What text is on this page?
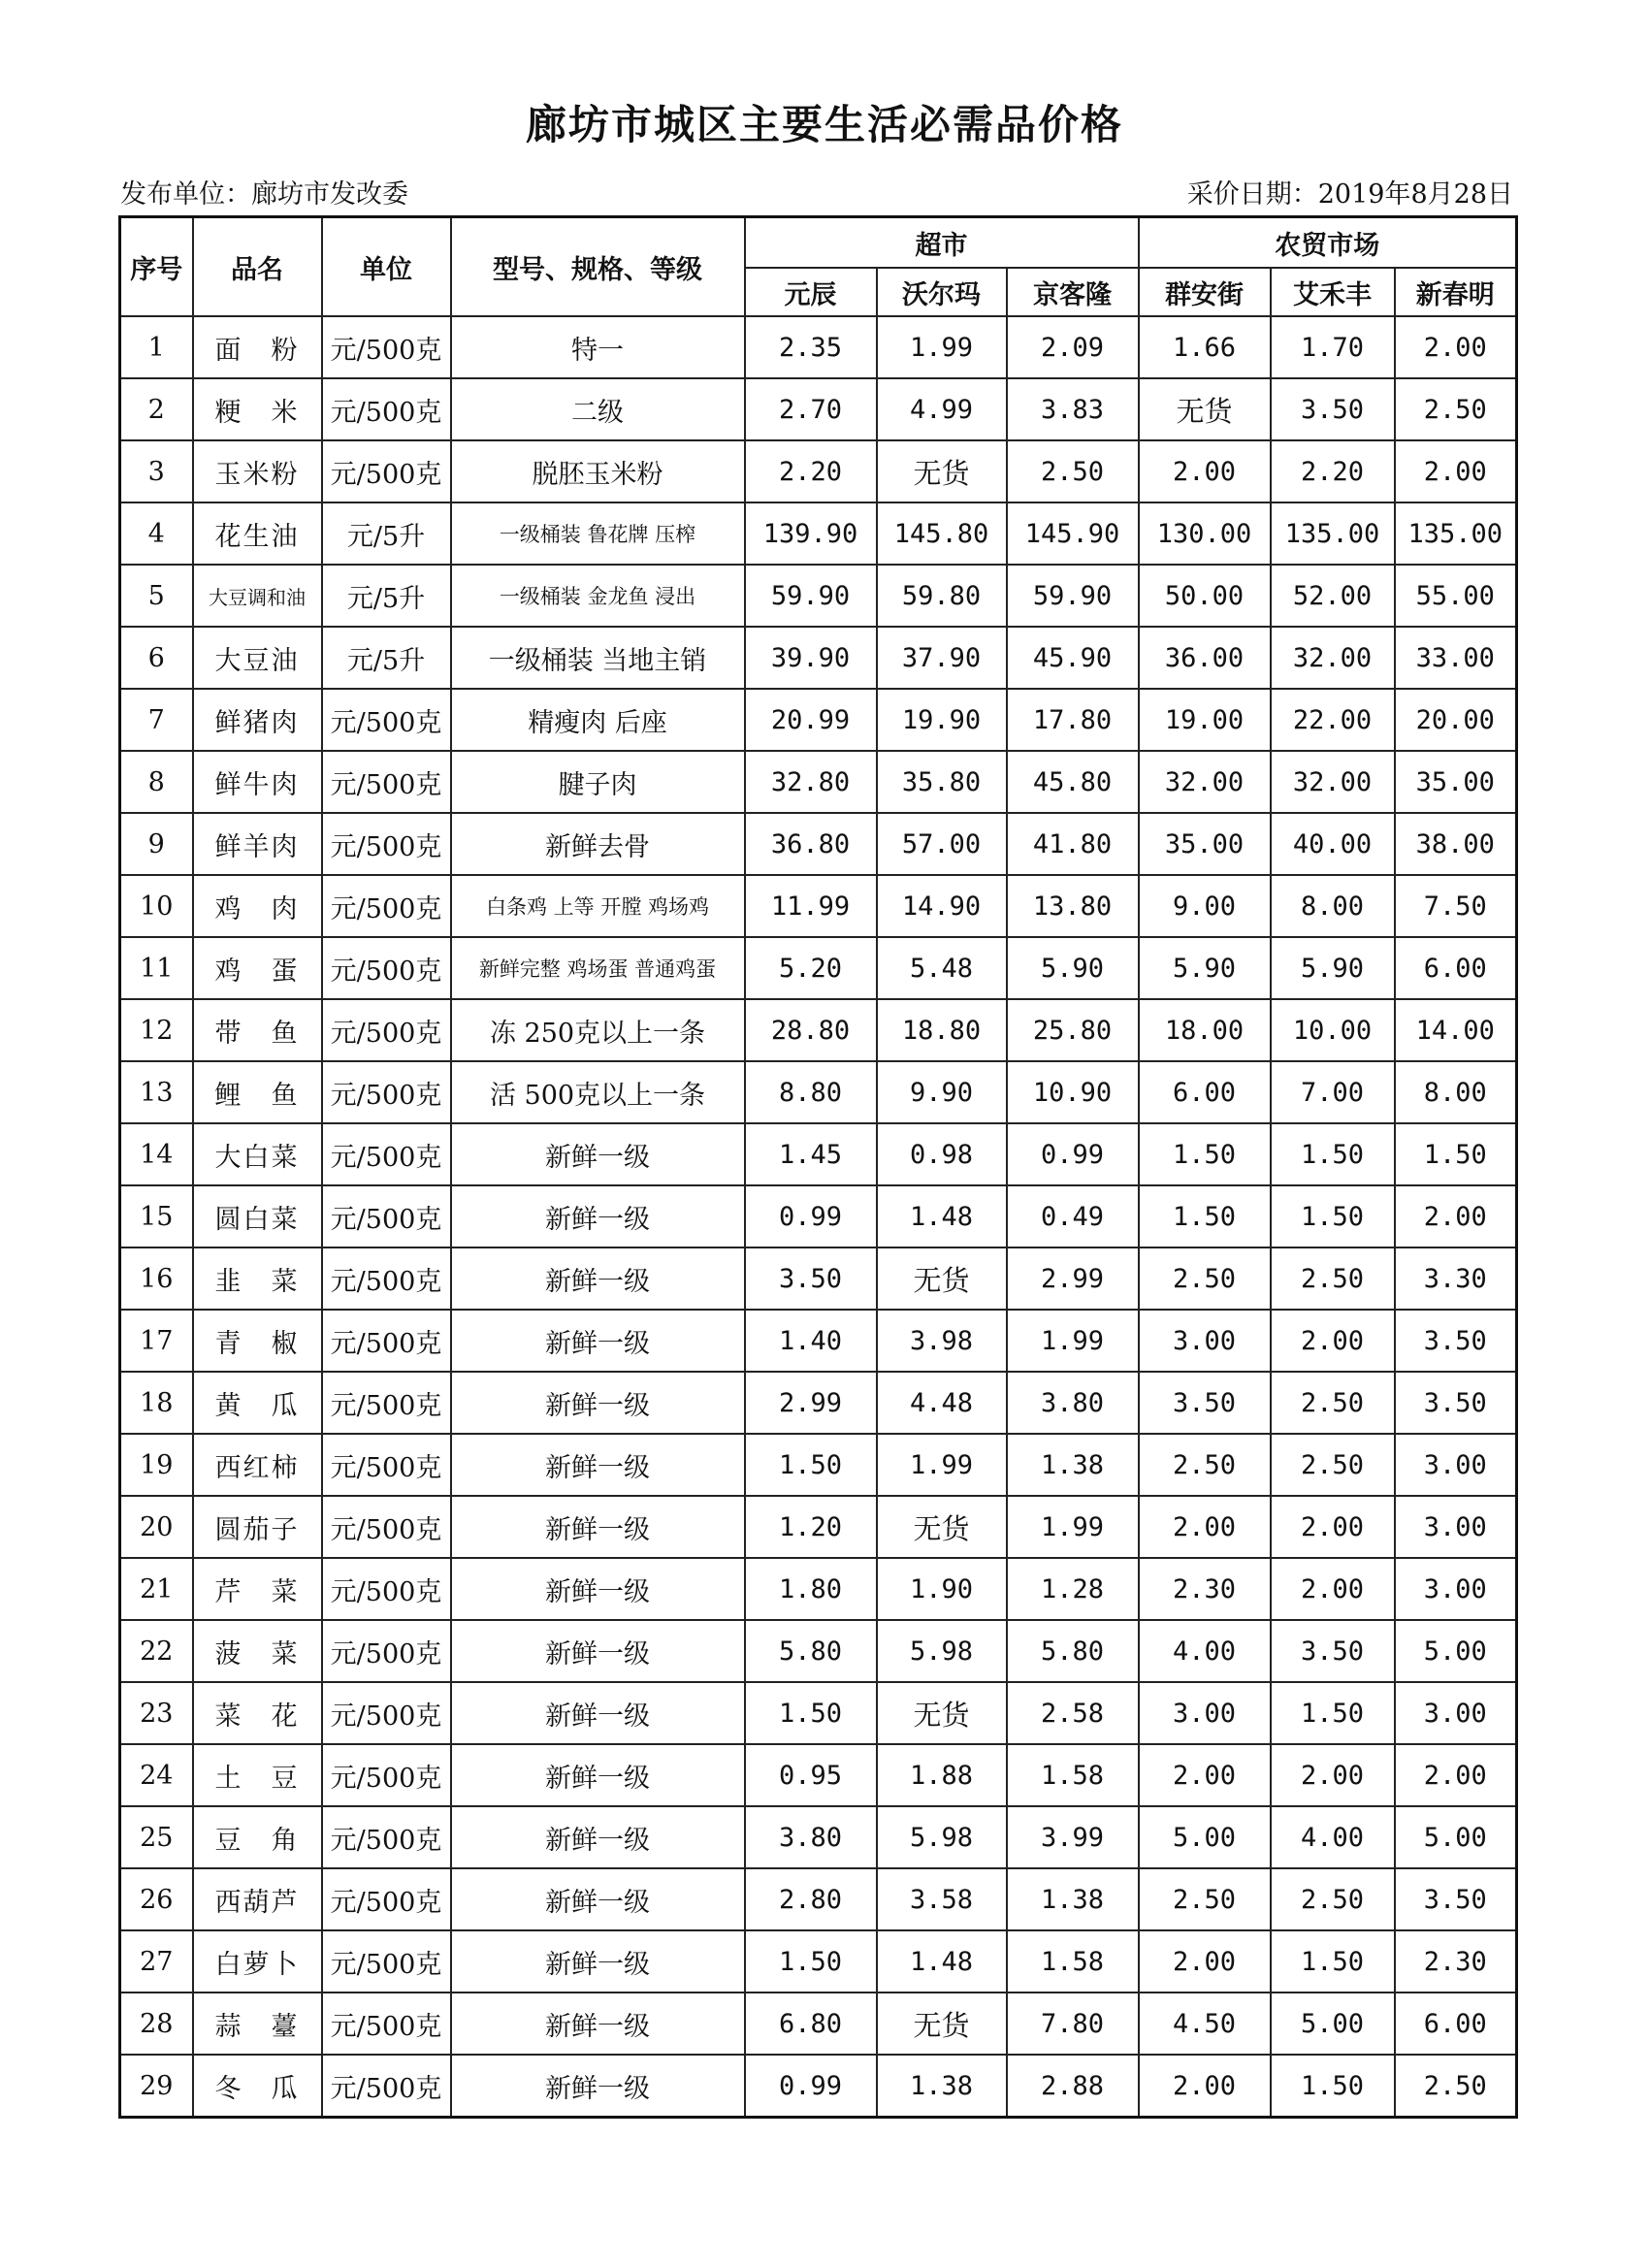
廊坊市城区主要生活必需品价格
发布单位：廊坊市发改委	采价日期：2019年8月28日
序号	品名	单位	型号、规格、等级	超市			农贸市场		
				元辰	沃尔玛	京客隆	群安街	艾禾丰	新春明
1	面　粉	元/500克	特一	2.35	1.99	2.09	1.66	1.70	2.00
2	粳　米	元/500克	二级	2.70	4.99	3.83	无货	3.50	2.50
3	玉米粉	元/500克	脱胚玉米粉	2.20	无货	2.50	2.00	2.20	2.00
4	花生油	元/5升	一级桶装 鲁花牌 压榨	139.90	145.80	145.90	130.00	135.00	135.00
5	大豆调和油	元/5升	一级桶装 金龙鱼 浸出	59.90	59.80	59.90	50.00	52.00	55.00
6	大豆油	元/5升	一级桶装 当地主销	39.90	37.90	45.90	36.00	32.00	33.00
7	鲜猪肉	元/500克	精瘦肉 后座	20.99	19.90	17.80	19.00	22.00	20.00
8	鲜牛肉	元/500克	腱子肉	32.80	35.80	45.80	32.00	32.00	35.00
9	鲜羊肉	元/500克	新鲜去骨	36.80	57.00	41.80	35.00	40.00	38.00
10	鸡　肉	元/500克	白条鸡 上等 开膛 鸡场鸡	11.99	14.90	13.80	9.00	8.00	7.50
11	鸡　蛋	元/500克	新鲜完整 鸡场蛋 普通鸡蛋	5.20	5.48	5.90	5.90	5.90	6.00
12	带　鱼	元/500克	冻 250克以上一条	28.80	18.80	25.80	18.00	10.00	14.00
13	鲤　鱼	元/500克	活 500克以上一条	8.80	9.90	10.90	6.00	7.00	8.00
14	大白菜	元/500克	新鲜一级	1.45	0.98	0.99	1.50	1.50	1.50
15	圆白菜	元/500克	新鲜一级	0.99	1.48	0.49	1.50	1.50	2.00
16	韭　菜	元/500克	新鲜一级	3.50	无货	2.99	2.50	2.50	3.30
17	青　椒	元/500克	新鲜一级	1.40	3.98	1.99	3.00	2.00	3.50
18	黄　瓜	元/500克	新鲜一级	2.99	4.48	3.80	3.50	2.50	3.50
19	西红柿	元/500克	新鲜一级	1.50	1.99	1.38	2.50	2.50	3.00
20	圆茄子	元/500克	新鲜一级	1.20	无货	1.99	2.00	2.00	3.00
21	芹　菜	元/500克	新鲜一级	1.80	1.90	1.28	2.30	2.00	3.00
22	菠　菜	元/500克	新鲜一级	5.80	5.98	5.80	4.00	3.50	5.00
23	菜　花	元/500克	新鲜一级	1.50	无货	2.58	3.00	1.50	3.00
24	土　豆	元/500克	新鲜一级	0.95	1.88	1.58	2.00	2.00	2.00
25	豆　角	元/500克	新鲜一级	3.80	5.98	3.99	5.00	4.00	5.00
26	西葫芦	元/500克	新鲜一级	2.80	3.58	1.38	2.50	2.50	3.50
27	白萝卜	元/500克	新鲜一级	1.50	1.48	1.58	2.00	1.50	2.30
28	蒜　薹	元/500克	新鲜一级	6.80	无货	7.80	4.50	5.00	6.00
29	冬　瓜	元/500克	新鲜一级	0.99	1.38	2.88	2.00	1.50	2.50
